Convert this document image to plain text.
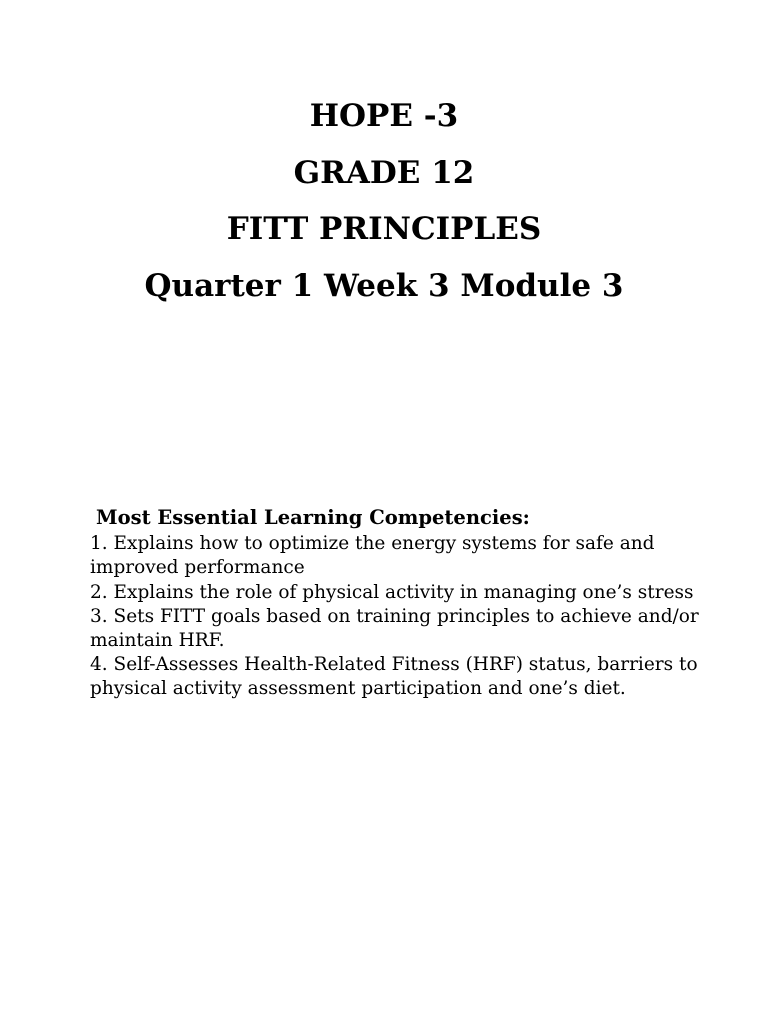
HOPE -3
GRADE 12
FITT PRINCIPLES
Quarter 1 Week 3 Module 3
Most Essential Learning Competencies:

1. Explains how to optimize the energy systems for safe and improved performance

2. Explains the role of physical activity in managing one’s stress

3. Sets FITT goals based on training principles to achieve and/or maintain HRF.

4. Self-Assesses Health-Related Fitness (HRF) status, barriers to physical activity assessment participation and one’s diet.
